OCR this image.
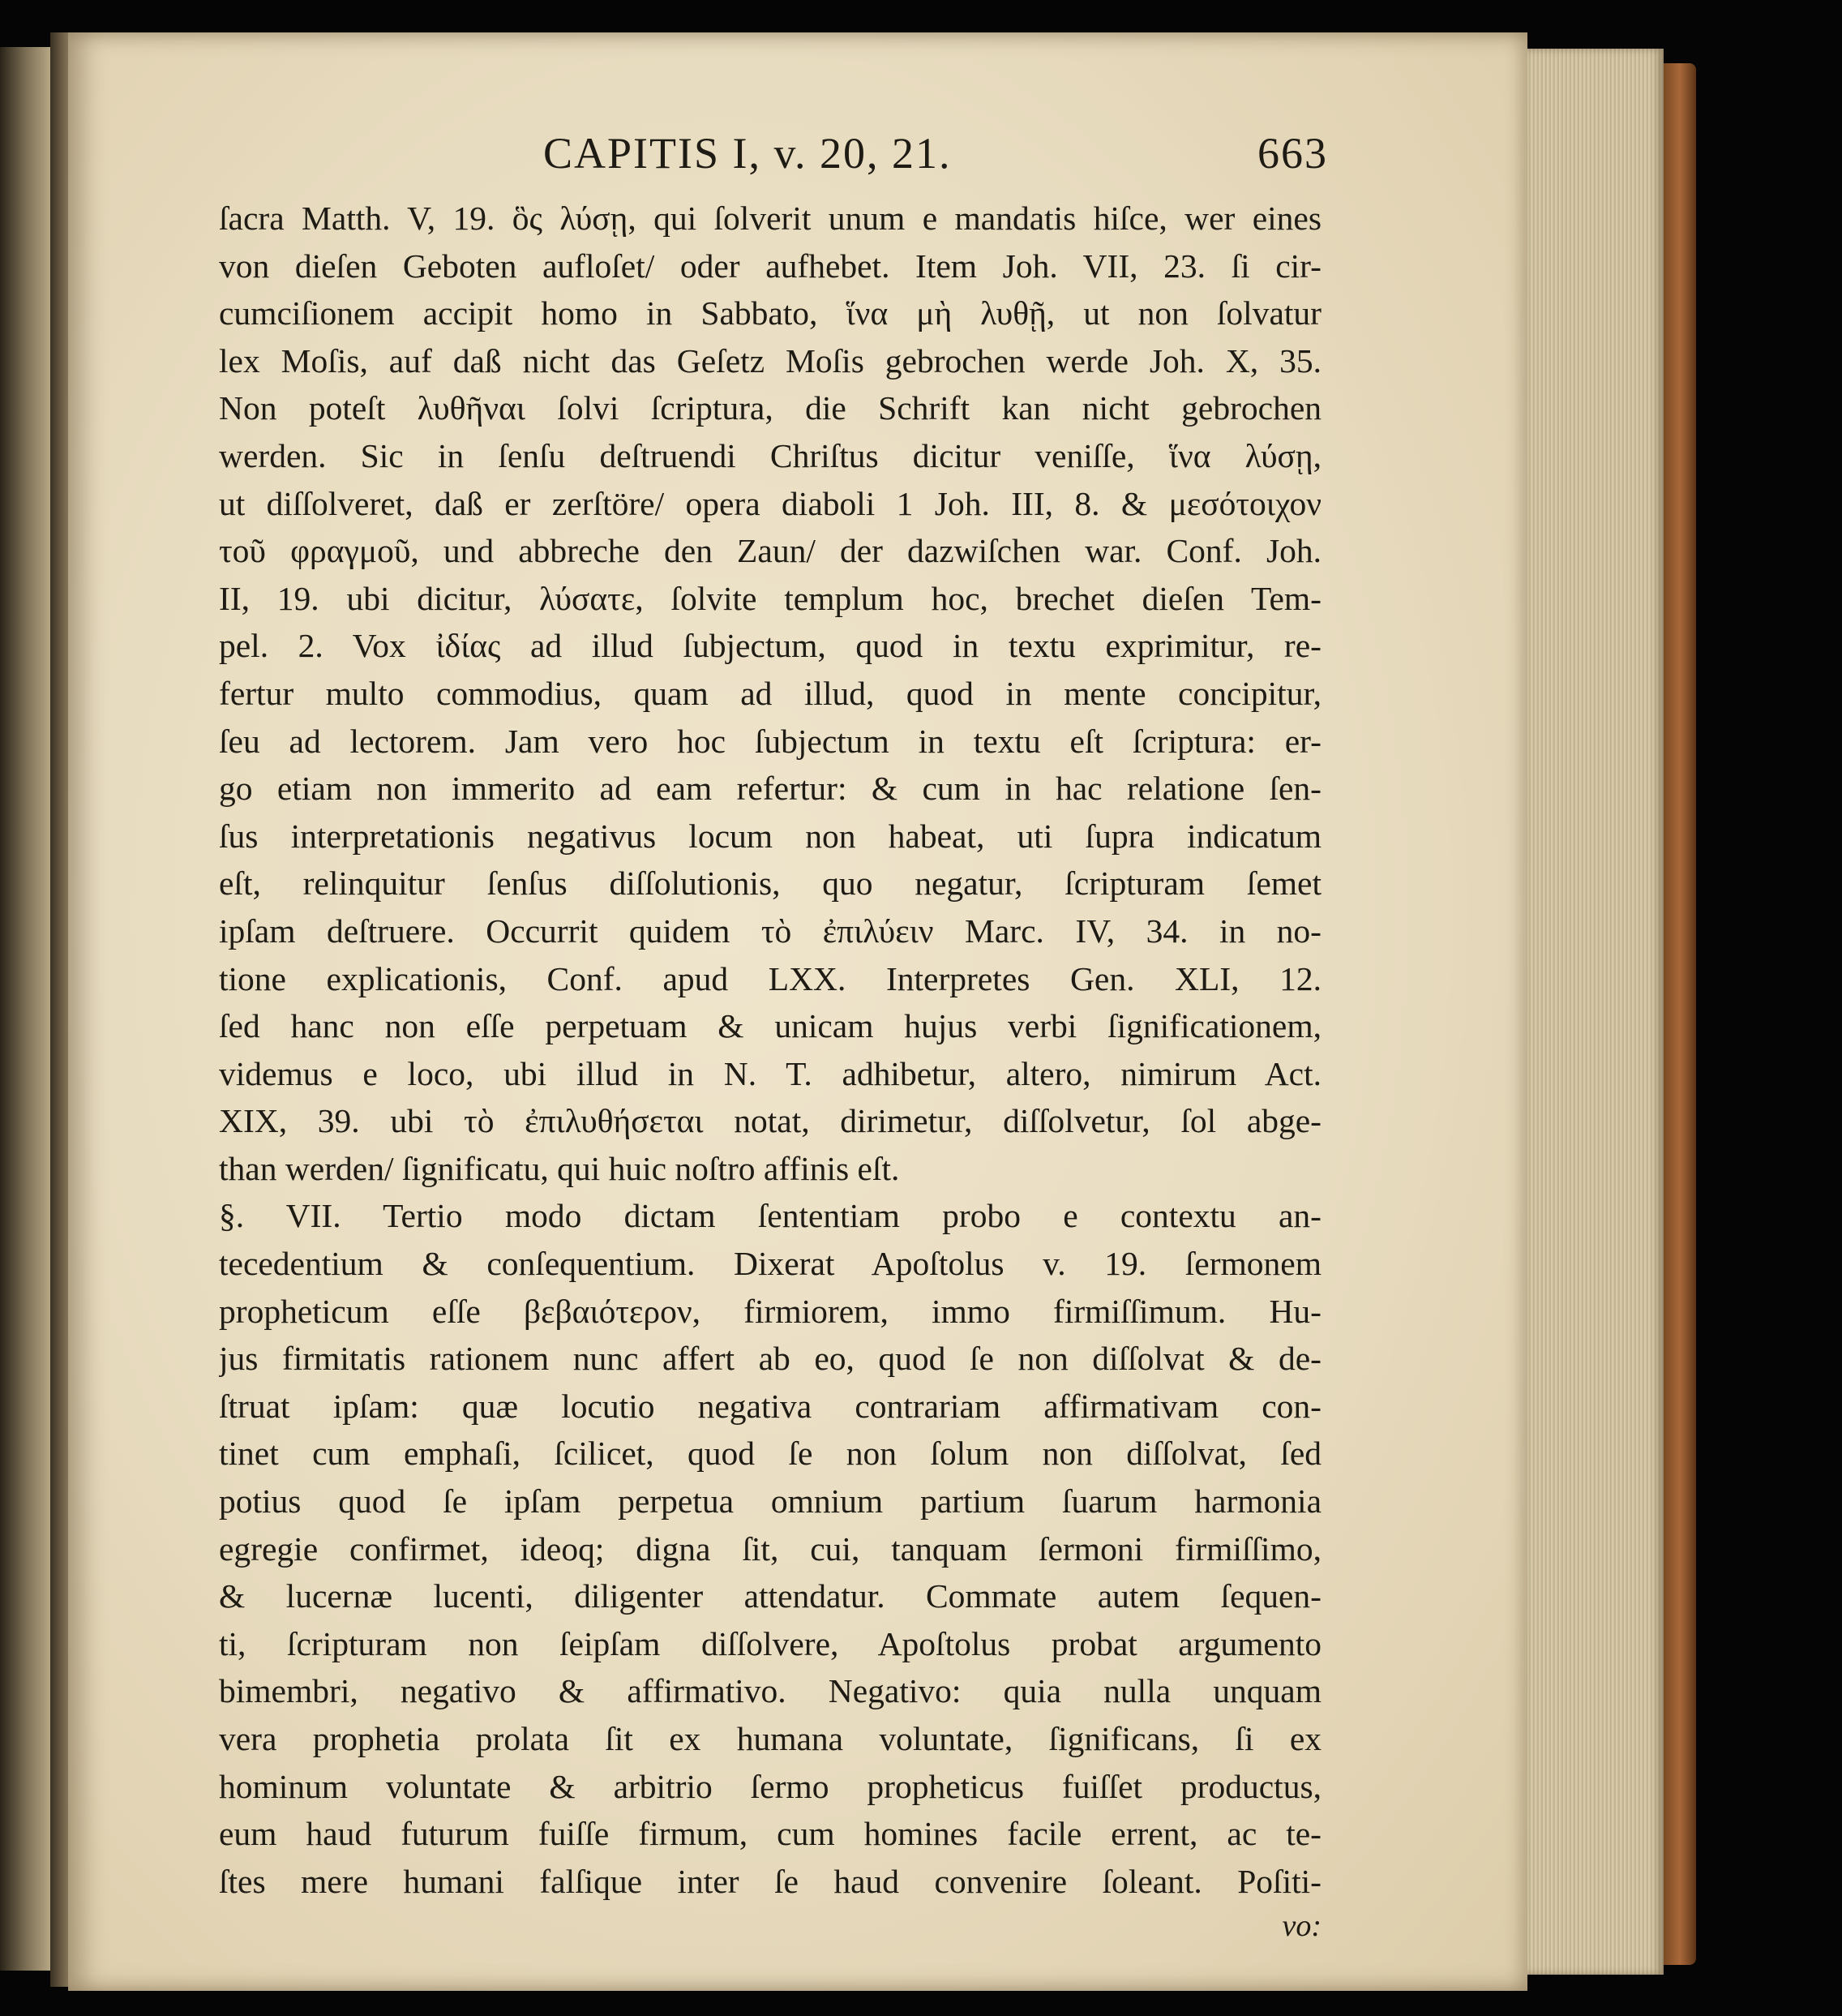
CAPITIS I, v. 20, 21.	663
ſacra Matth. V, 19. ὃς λύσῃ, qui ſolverit unum e mandatis hiſce, wer eines
von dieſen Geboten aufloſet/ oder aufhebet. Item Joh. VII, 23. ſi cir-
cumciſionem accipit homo in Sabbato, ἵνα μὴ λυθῇ, ut non ſolvatur
lex Moſis, auf daß nicht das Geſetz Moſis gebrochen werde Joh. X, 35.
Non poteſt λυθῆναι ſolvi ſcriptura, die Schrift kan nicht gebrochen
werden. Sic in ſenſu deſtruendi Chriſtus dicitur veniſſe, ἵνα λύσῃ,
ut diſſolveret, daß er zerſtöre/ opera diaboli 1 Joh. III, 8. & μεσότοιχον
τοῦ φραγμοῦ, und abbreche den Zaun/ der dazwiſchen war. Conf. Joh.
II, 19. ubi dicitur, λύσατε, ſolvite templum hoc, brechet dieſen Tem-
pel. 2. Vox ἰδίας ad illud ſubjectum, quod in textu exprimitur, re-
fertur multo commodius, quam ad illud, quod in mente concipitur,
ſeu ad lectorem. Jam vero hoc ſubjectum in textu eſt ſcriptura: er-
go etiam non immerito ad eam refertur: & cum in hac relatione ſen-
ſus interpretationis negativus locum non habeat, uti ſupra indicatum
eſt, relinquitur ſenſus diſſolutionis, quo negatur, ſcripturam ſemet
ipſam deſtruere. Occurrit quidem τὸ ἐπιλύειν Marc. IV, 34. in no-
tione explicationis, Conf. apud LXX. Interpretes Gen. XLI, 12.
ſed hanc non eſſe perpetuam & unicam hujus verbi ſignificationem,
videmus e loco, ubi illud in N. T. adhibetur, altero, nimirum Act.
XIX, 39. ubi τὸ ἐπιλυθήσεται notat, dirimetur, diſſolvetur, ſol abge-
than werden/ ſignificatu, qui huic noſtro affinis eſt.
§. VII. Tertio modo dictam ſententiam probo e contextu an-
tecedentium & conſequentium. Dixerat Apoſtolus v. 19. ſermonem
propheticum eſſe βεβαιότερον, firmiorem, immo firmiſſimum. Hu-
jus firmitatis rationem nunc affert ab eo, quod ſe non diſſolvat & de-
ſtruat ipſam: quæ locutio negativa contrariam affirmativam con-
tinet cum emphaſi, ſcilicet, quod ſe non ſolum non diſſolvat, ſed
potius quod ſe ipſam perpetua omnium partium ſuarum harmonia
egregie confirmet, ideoq; digna ſit, cui, tanquam ſermoni firmiſſimo,
& lucernæ lucenti, diligenter attendatur. Commate autem ſequen-
ti, ſcripturam non ſeipſam diſſolvere, Apoſtolus probat argumento
bimembri, negativo & affirmativo. Negativo: quia nulla unquam
vera prophetia prolata ſit ex humana voluntate, ſignificans, ſi ex
hominum voluntate & arbitrio ſermo propheticus fuiſſet productus,
eum haud futurum fuiſſe firmum, cum homines facile errent, ac te-
ſtes mere humani falſique inter ſe haud convenire ſoleant. Poſiti-
vo:
